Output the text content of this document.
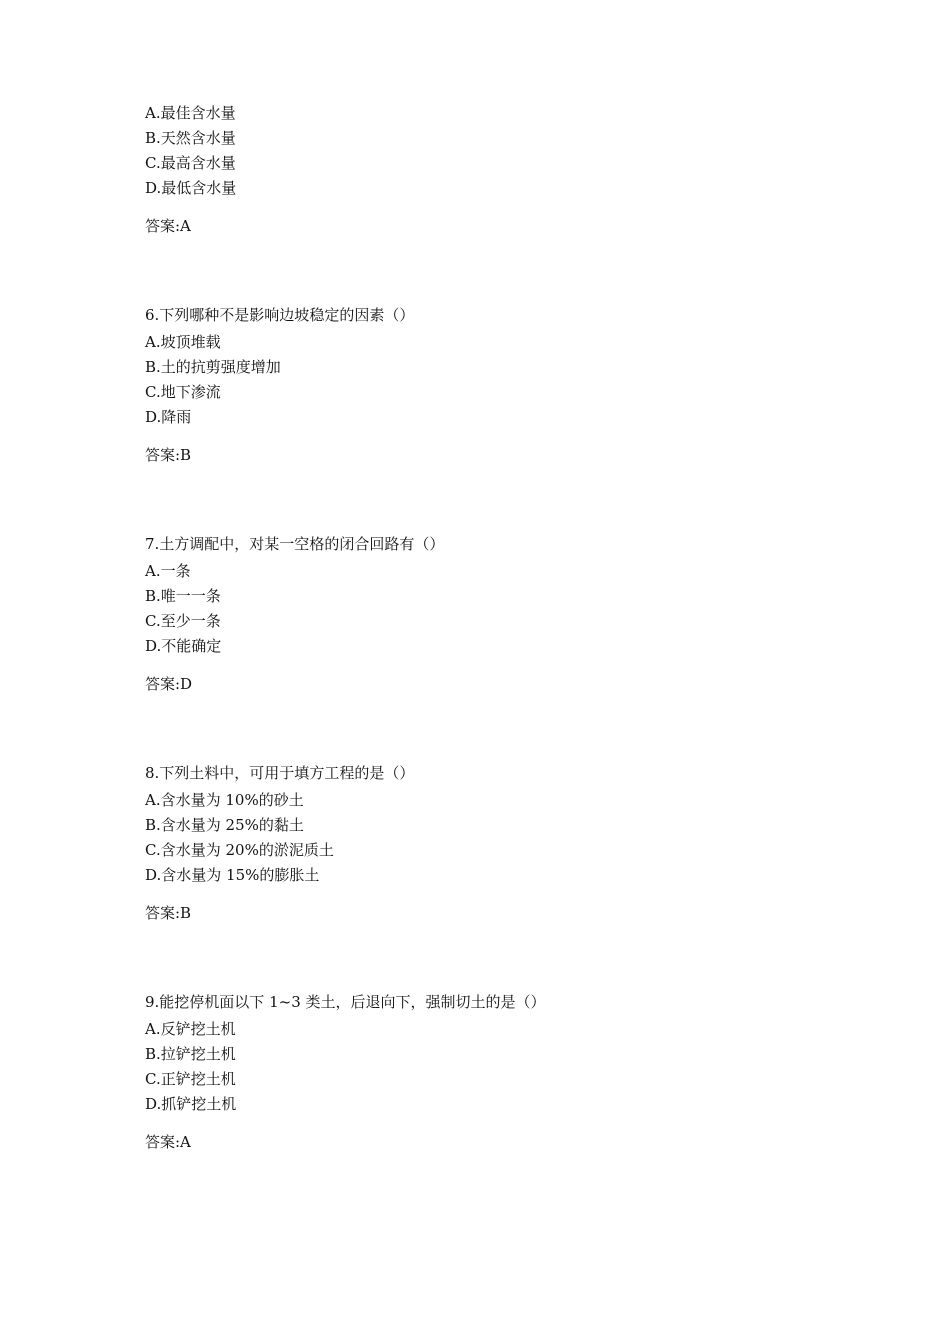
A.最佳含水量
B.天然含水量
C.最高含水量
D.最低含水量
答案:A
6.下列哪种不是影响边坡稳定的因素（）
A.坡顶堆载
B.土的抗剪强度增加
C.地下渗流
D.降雨
答案:B
7.土方调配中，对某一空格的闭合回路有（）
A.一条
B.唯一一条
C.至少一条
D.不能确定
答案:D
8.下列土料中，可用于填方工程的是（）
A.含水量为 10%的砂土
B.含水量为 25%的黏土
C.含水量为 20%的淤泥质土
D.含水量为 15%的膨胀土
答案:B
9.能挖停机面以下 1~3 类土，后退向下，强制切土的是（）
A.反铲挖土机
B.拉铲挖土机
C.正铲挖土机
D.抓铲挖土机
答案:A
